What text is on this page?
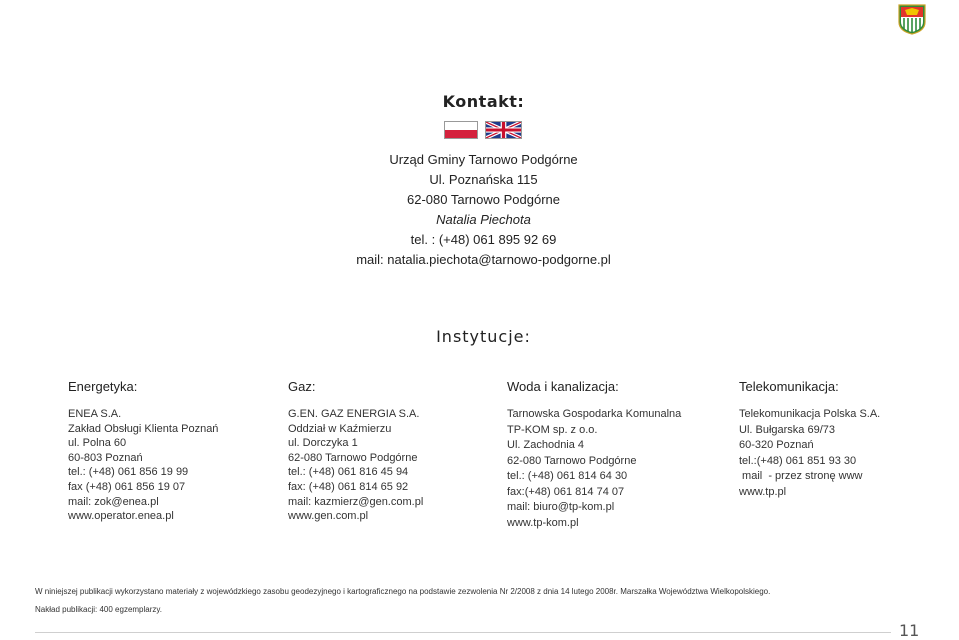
Kontakt:
Urząd Gminy Tarnowo Podgórne
Ul. Poznańska 115
62-080 Tarnowo Podgórne
Natalia Piechota
tel. : (+48) 061 895 92 69
mail: natalia.piechota@tarnowo-podgorne.pl
Instytucje:
Energetyka:
ENEA S.A.
Zakład Obsługi Klienta Poznań
ul. Polna 60
60-803 Poznań
tel.: (+48) 061 856 19 99
fax (+48) 061 856 19 07
mail: zok@enea.pl
www.operator.enea.pl
Gaz:
G.EN. GAZ ENERGIA S.A.
Oddział w Kaźmierzu
ul. Dorczyka 1
62-080 Tarnowo Podgórne
tel.: (+48) 061 816 45 94
fax: (+48) 061 814 65 92
mail: kazmierz@gen.com.pl
www.gen.com.pl
Woda i kanalizacja:
Tarnowska Gospodarka Komunalna
TP-KOM sp. z o.o.
Ul. Zachodnia 4
62-080 Tarnowo Podgórne
tel.: (+48) 061 814 64 30
fax:(+48) 061 814 74 07
mail: biuro@tp-kom.pl
www.tp-kom.pl
Telekomunikacja:
Telekomunikacja Polska S.A.
Ul. Bułgarska 69/73
60-320 Poznań
tel.:(+48) 061 851 93 30
mail  - przez stronę www
www.tp.pl
W niniejszej publikacji wykorzystano materiały z wojewódzkiego zasobu geodezyjnego i kartograficznego na podstawie zezwolenia Nr 2/2008 z dnia 14 lutego 2008r. Marszałka Województwa Wielkopolskiego.
Nakład publikacji: 400 egzemplarzy.
11
